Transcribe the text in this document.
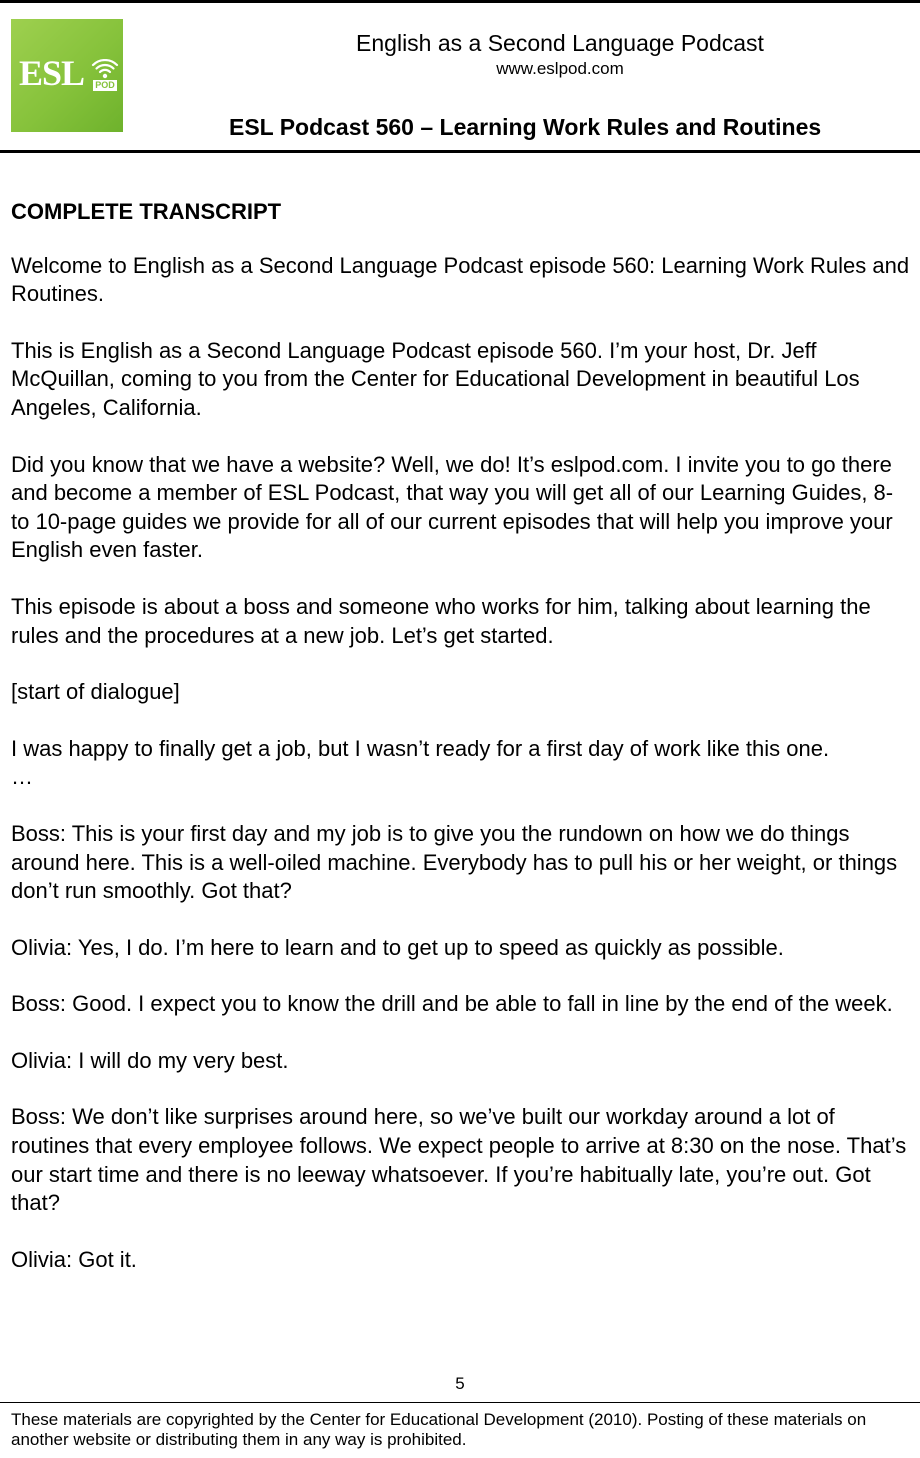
ESL POD
English as a Second Language Podcast
www.eslpod.com
ESL Podcast 560 – Learning Work Rules and Routines

COMPLETE TRANSCRIPT

Welcome to English as a Second Language Podcast episode 560: Learning Work Rules and Routines.

This is English as a Second Language Podcast episode 560. I’m your host, Dr. Jeff McQuillan, coming to you from the Center for Educational Development in beautiful Los Angeles, California.

Did you know that we have a website? Well, we do! It’s eslpod.com. I invite you to go there and become a member of ESL Podcast, that way you will get all of our Learning Guides, 8- to 10-page guides we provide for all of our current episodes that will help you improve your English even faster.

This episode is about a boss and someone who works for him, talking about learning the rules and the procedures at a new job. Let’s get started.

[start of dialogue]

I was happy to finally get a job, but I wasn’t ready for a first day of work like this one.

…

Boss: This is your first day and my job is to give you the rundown on how we do things around here. This is a well-oiled machine. Everybody has to pull his or her weight, or things don’t run smoothly. Got that?

Olivia: Yes, I do. I’m here to learn and to get up to speed as quickly as possible.

Boss: Good. I expect you to know the drill and be able to fall in line by the end of the week.

Olivia: I will do my very best.

Boss: We don’t like surprises around here, so we’ve built our workday around a lot of routines that every employee follows. We expect people to arrive at 8:30 on the nose. That’s our start time and there is no leeway whatsoever. If you’re habitually late, you’re out. Got that?

Olivia: Got it.

5
These materials are copyrighted by the Center for Educational Development (2010). Posting of these materials on another website or distributing them in any way is prohibited.
